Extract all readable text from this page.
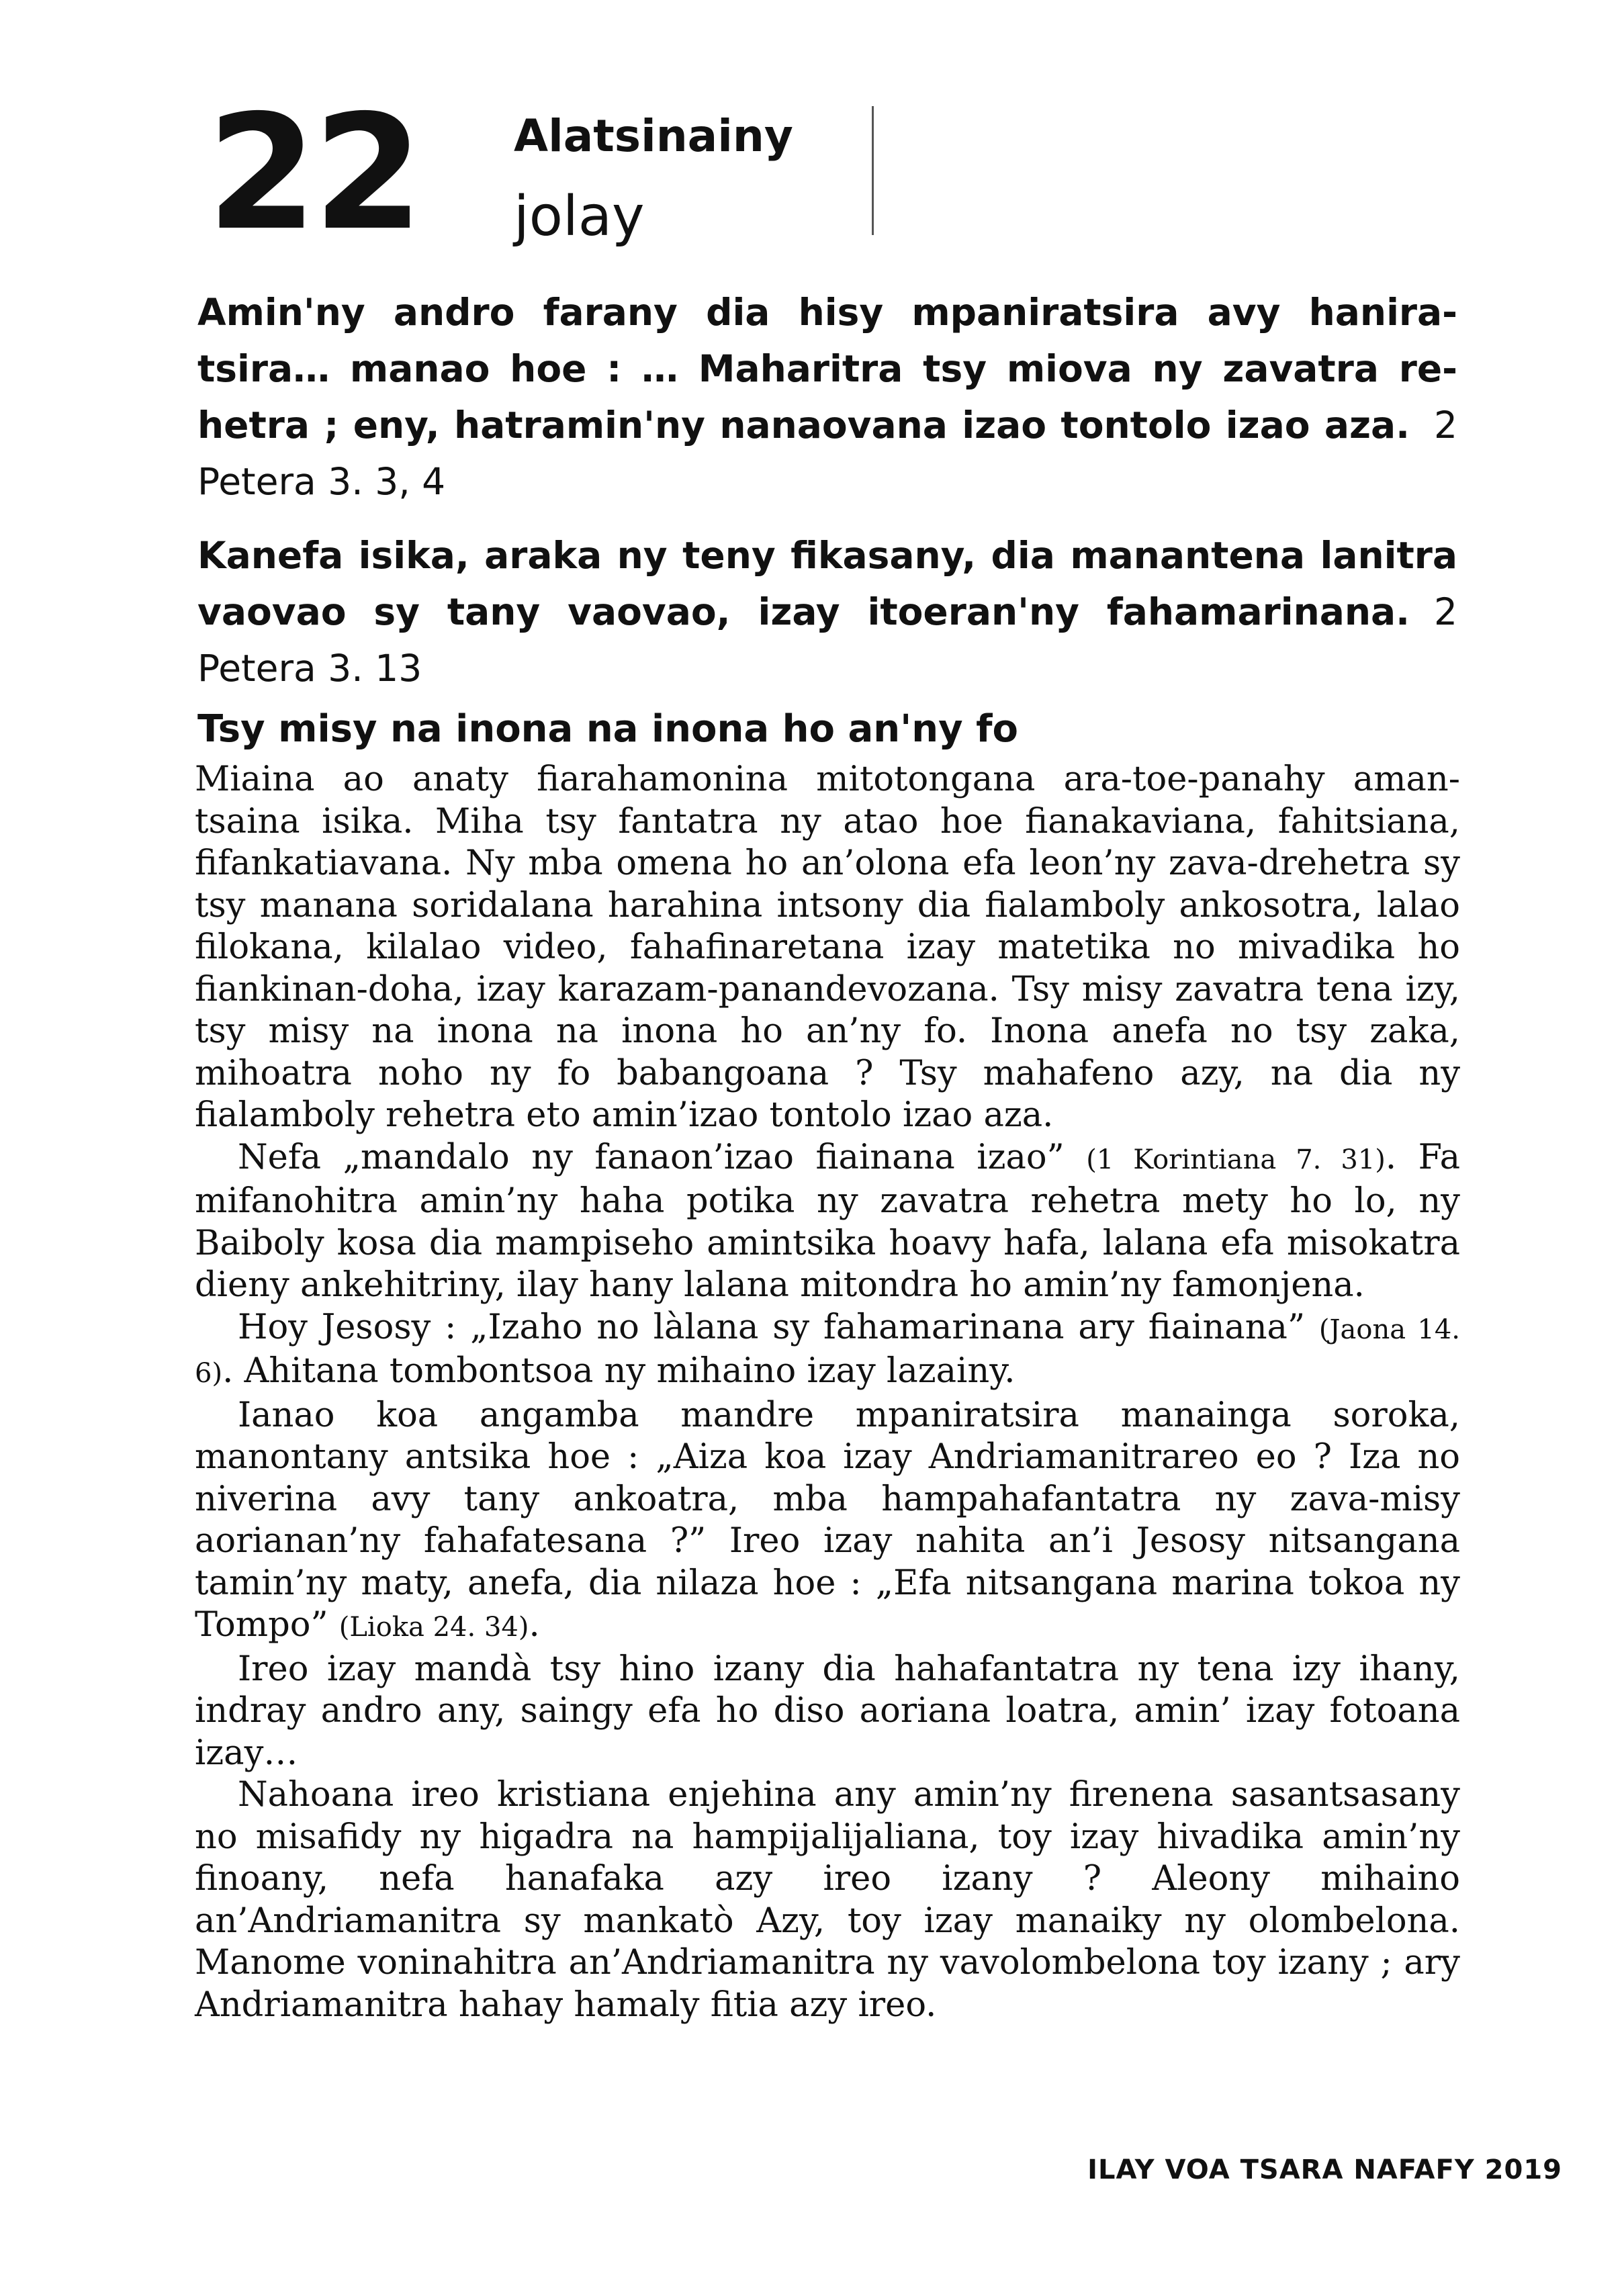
22 Alatsinainy
jolay

Amin'ny andro farany dia hisy mpaniratsira avy haniratsira… manao hoe : … Maharitra tsy miova ny zavatra rehetra ; eny, hatramin'ny nanaovana izao tontolo izao aza. 2 Petera 3. 3, 4

Kanefa isika, araka ny teny fikasany, dia manantena lanitra vaovao sy tany vaovao, izay itoeran'ny fahamarinana. 2 Petera 3. 13

Tsy misy na inona na inona ho an'ny fo

Miaina ao anaty fiarahamonina mitotongana ara-toe-panahy aman-tsaina isika. Miha tsy fantatra ny atao hoe fianakaviana, fahitsiana, fifankatiavana. Ny mba omena ho an’olona efa leon’ny zava-drehetra sy tsy manana soridalana harahina intsony dia fialamboly ankosotra, lalao filokana, kilalao video, fahafinaretana izay matetika no mivadika ho fiankinan-doha, izay karazam-panandevozana. Tsy misy zavatra tena izy, tsy misy na inona na inona ho an’ny fo. Inona anefa no tsy zaka, mihoatra noho ny fo babangoana ? Tsy mahafeno azy, na dia ny fialamboly rehetra eto amin’izao tontolo izao aza.

Nefa „mandalo ny fanaon’izao fiainana izao” (1 Korintiana 7. 31). Fa mifanohitra amin’ny haha potika ny zavatra rehetra mety ho lo, ny Baiboly kosa dia mampiseho amintsika hoavy hafa, lalana efa misokatra dieny ankehitriny, ilay hany lalana mitondra ho amin’ny famonjena.

Hoy Jesosy : „Izaho no làlana sy fahamarinana ary fiainana” (Jaona 14. 6). Ahitana tombontsoa ny mihaino izay lazainy.

Ianao koa angamba mandre mpaniratsira manainga soroka, manontany antsika hoe : „Aiza koa izay Andriamanitrareo eo ? Iza no niverina avy tany ankoatra, mba hampahafantatra ny zava-misy aorianan’ny fahafatesana ?” Ireo izay nahita an’i Jesosy nitsangana tamin’ny maty, anefa, dia nilaza hoe : „Efa nitsangana marina tokoa ny Tompo” (Lioka 24. 34).

Ireo izay mandà tsy hino izany dia hahafantatra ny tena izy ihany, indray andro any, saingy efa ho diso aoriana loatra, amin’ izay fotoana izay…

Nahoana ireo kristiana enjehina any amin’ny firenena sasantsasany no misafidy ny higadra na hampijalijaliana, toy izay hivadika amin’ny finoany, nefa hanafaka azy ireo izany ? Aleony mihaino an’Andriamanitra sy mankatò Azy, toy izay manaiky ny olombelona. Manome voninahitra an’Andriamanitra ny vavolombelona toy izany ; ary Andriamanitra hahay hamaly fitia azy ireo.

ILAY VOA TSARA NAFAFY 2019
